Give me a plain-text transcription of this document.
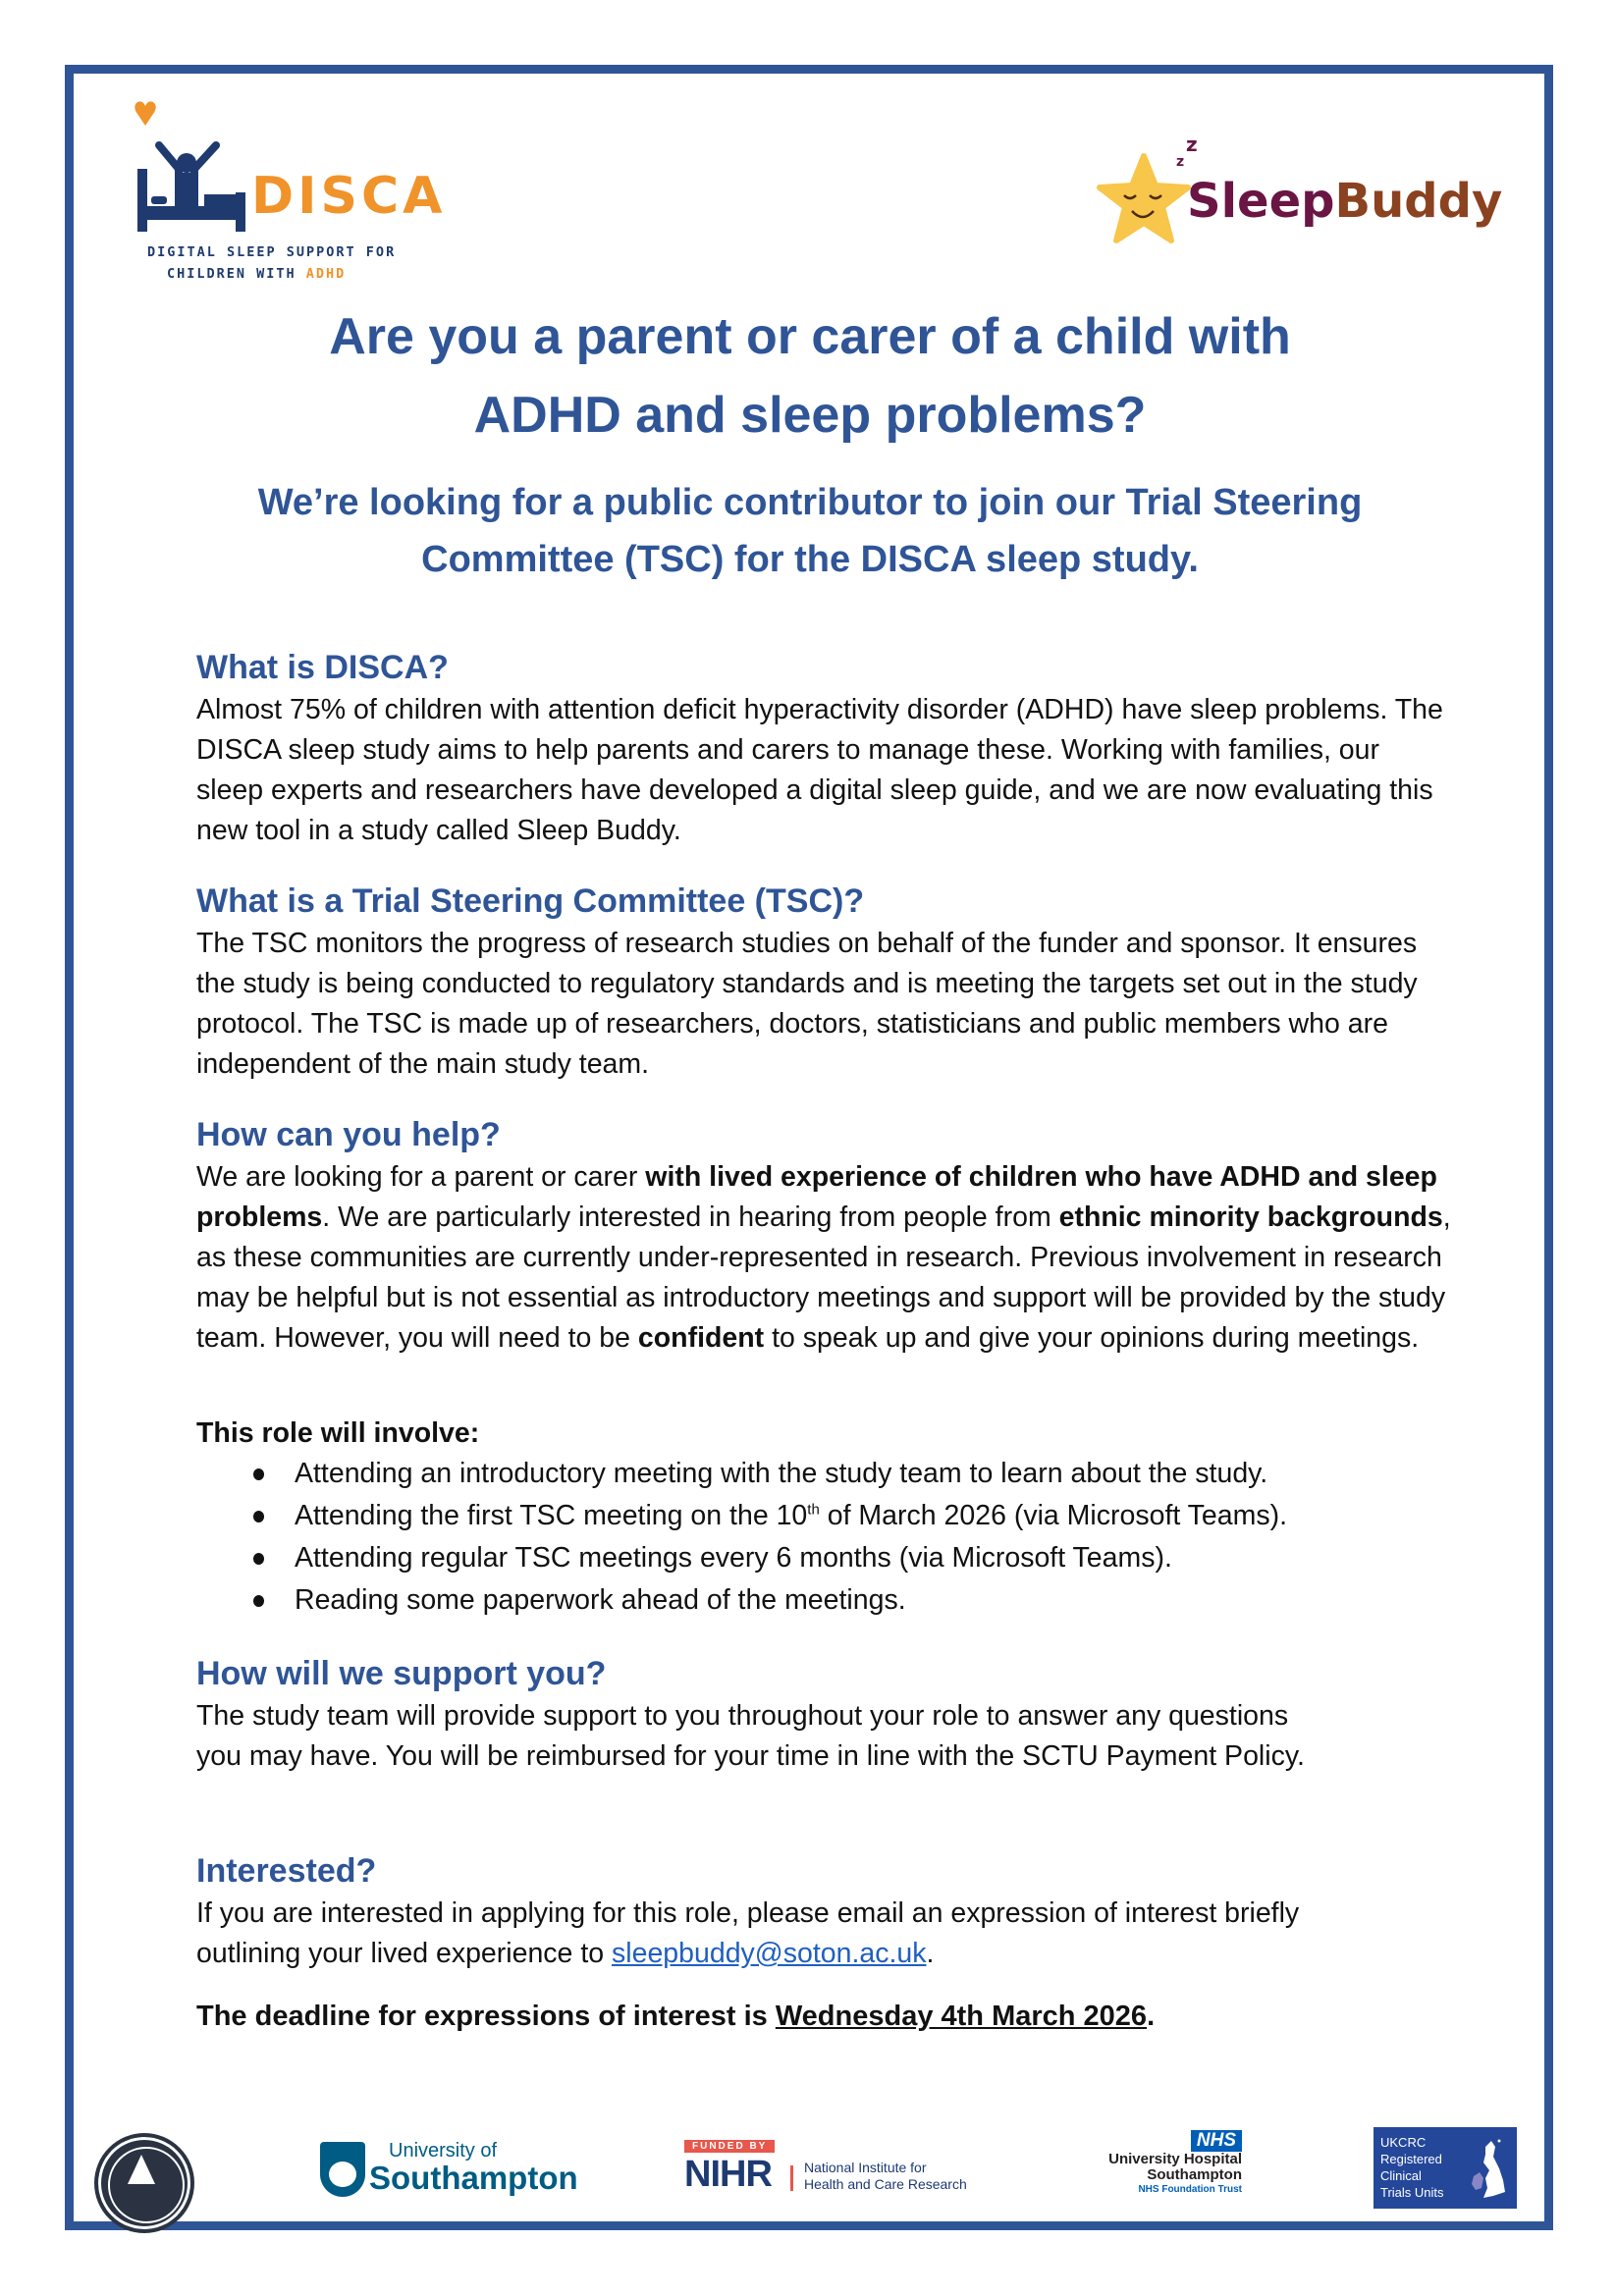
DISCA
DIGITAL SLEEP SUPPORT FOR
CHILDREN WITH ADHD
z
z
SleepBuddy
Are you a parent or carer of a child with
ADHD and sleep problems?
We’re looking for a public contributor to join our Trial Steering
Committee (TSC) for the DISCA sleep study.
What is DISCA?

Almost 75% of children with attention deficit hyperactivity disorder (ADHD) have sleep problems. The DISCA sleep study aims to help parents and carers to manage these. Working with families, our sleep experts and researchers have developed a digital sleep guide, and we are now evaluating this new tool in a study called Sleep Buddy.

What is a Trial Steering Committee (TSC)?

The TSC monitors the progress of research studies on behalf of the funder and sponsor. It ensures the study is being conducted to regulatory standards and is meeting the targets set out in the study protocol. The TSC is made up of researchers, doctors, statisticians and public members who are independent of the main study team.

How can you help?

We are looking for a parent or carer with lived experience of children who have ADHD and sleep problems. We are particularly interested in hearing from people from ethnic minority backgrounds, as these communities are currently under-represented in research. Previous involvement in research may be helpful but is not essential as introductory meetings and support will be provided by the study team. However, you will need to be confident to speak up and give your opinions during meetings.

This role will involve:
Attending an introductory meeting with the study team to learn about the study.
Attending the first TSC meeting on the 10th of March 2026 (via Microsoft Teams).
Attending regular TSC meetings every 6 months (via Microsoft Teams).
Reading some paperwork ahead of the meetings.
How will we support you?

The study team will provide support to you throughout your role to answer any questions you may have. You will be reimbursed for your time in line with the SCTU Payment Policy.

Interested?

If you are interested in applying for this role, please email an expression of interest briefly outlining your lived experience to sleepbuddy@soton.ac.uk.

The deadline for expressions of interest is Wednesday 4th March 2026.
University of
Southampton
FUNDED BY
NIHR National Institute for
Health and Care Research
NHS
University Hospital
Southampton
NHS Foundation Trust
UKCRC
Registered
Clinical
Trials Units
